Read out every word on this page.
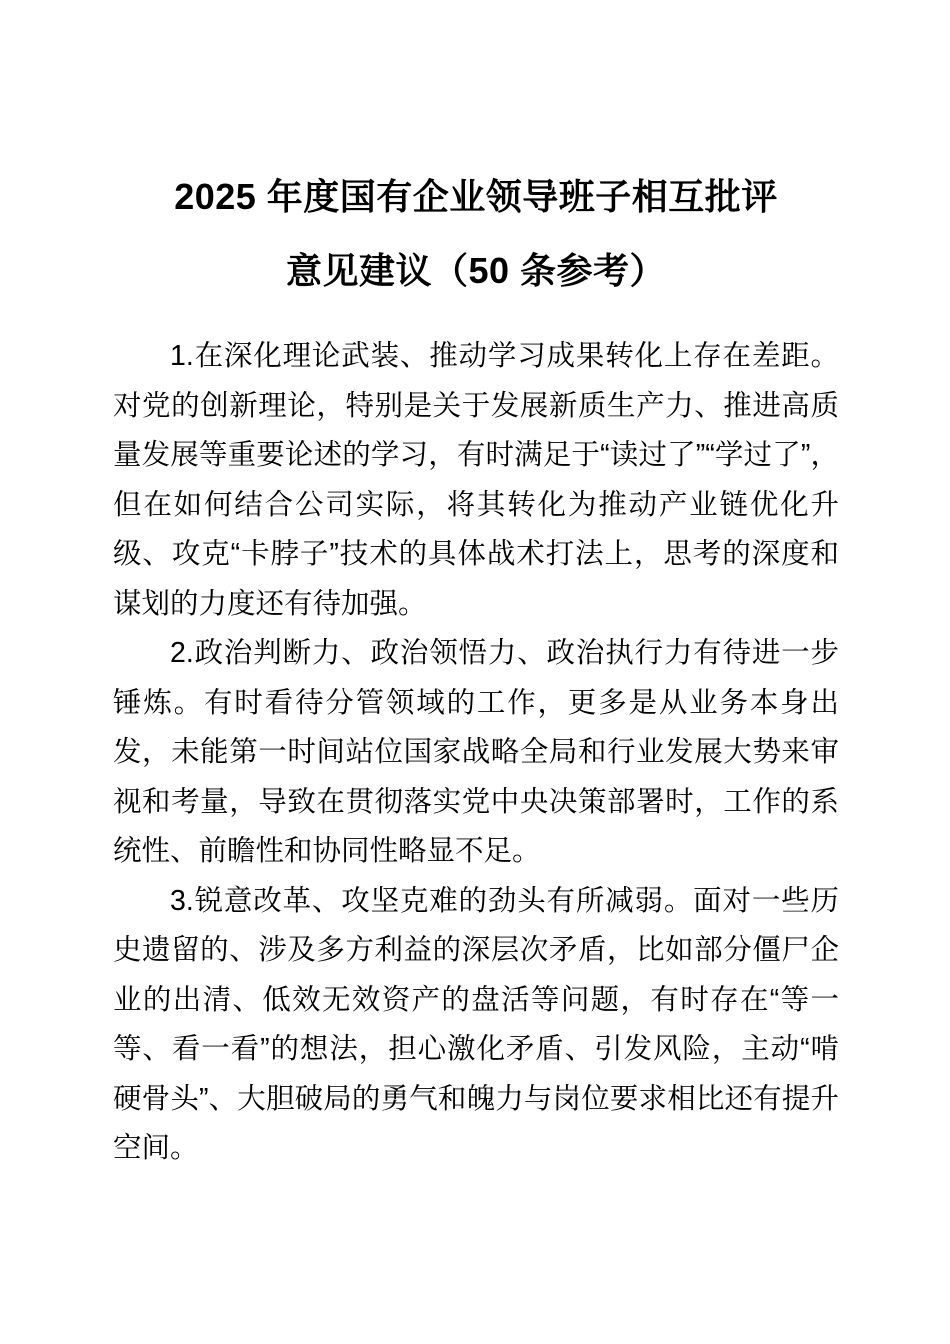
2025 年度国有企业领导班子相互批评
意见建议（50 条参考）

1.在深化理论武装、推动学习成果转化上存在差距。对党的创新理论，特别是关于发展新质生产力、推进高质量发展等重要论述的学习，有时满足于“读过了”“学过了”，但在如何结合公司实际，将其转化为推动产业链优化升级、攻克“卡脖子”技术的具体战术打法上，思考的深度和谋划的力度还有待加强。

2.政治判断力、政治领悟力、政治执行力有待进一步锤炼。有时看待分管领域的工作，更多是从业务本身出发，未能第一时间站位国家战略全局和行业发展大势来审视和考量，导致在贯彻落实党中央决策部署时，工作的系统性、前瞻性和协同性略显不足。

3.锐意改革、攻坚克难的劲头有所减弱。面对一些历史遗留的、涉及多方利益的深层次矛盾，比如部分僵尸企业的出清、低效无效资产的盘活等问题，有时存在“等一等、看一看”的想法，担心激化矛盾、引发风险，主动“啃硬骨头”、大胆破局的勇气和魄力与岗位要求相比还有提升空间。
